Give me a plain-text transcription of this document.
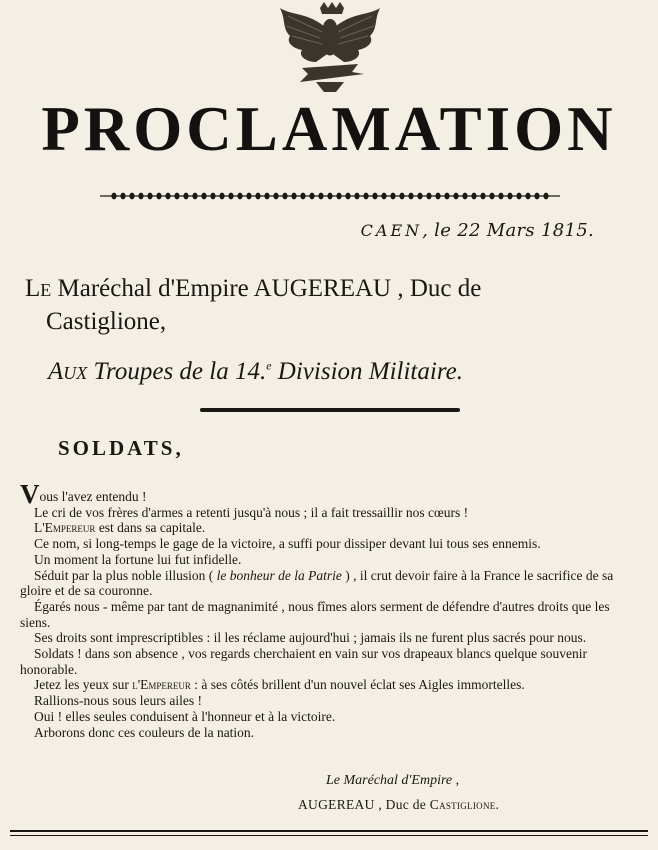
PROCLAMATION
CAEN, le 22 Mars 1815.

Le Maréchal d'Empire AUGEREAU , Duc de
Castiglione,

Aux Troupes de la 14.$^e$ Division Militaire.
SOLDATS,

Vous l'avez entendu !

Le cri de vos frères d'armes a retenti jusqu'à nous ; il a fait tressaillir nos cœurs !

L'Empereur est dans sa capitale.

Ce nom, si long-temps le gage de la victoire, a suffi pour dissiper devant lui tous ses ennemis.

Un moment la fortune lui fut infidelle.

Séduit par la plus noble illusion ( le bonheur de la Patrie ) , il crut devoir faire à la France le sacrifice de sa gloire et de sa couronne.

Égarés nous - même par tant de magnanimité , nous fîmes alors serment de défendre d'autres droits que les siens.

Ses droits sont imprescriptibles : il les réclame aujourd'hui ; jamais ils ne furent plus sacrés pour nous.

Soldats ! dans son absence , vos regards cherchaient en vain sur vos drapeaux blancs quelque souvenir honorable.

Jetez les yeux sur l'Empereur : à ses côtés brillent d'un nouvel éclat ses Aigles immortelles.

Rallions-nous sous leurs ailes !

Oui ! elles seules conduisent à l'honneur et à la victoire.

Arborons donc ces couleurs de la nation.

Le Maréchal d'Empire ,
AUGEREAU , Duc de Castiglione.
